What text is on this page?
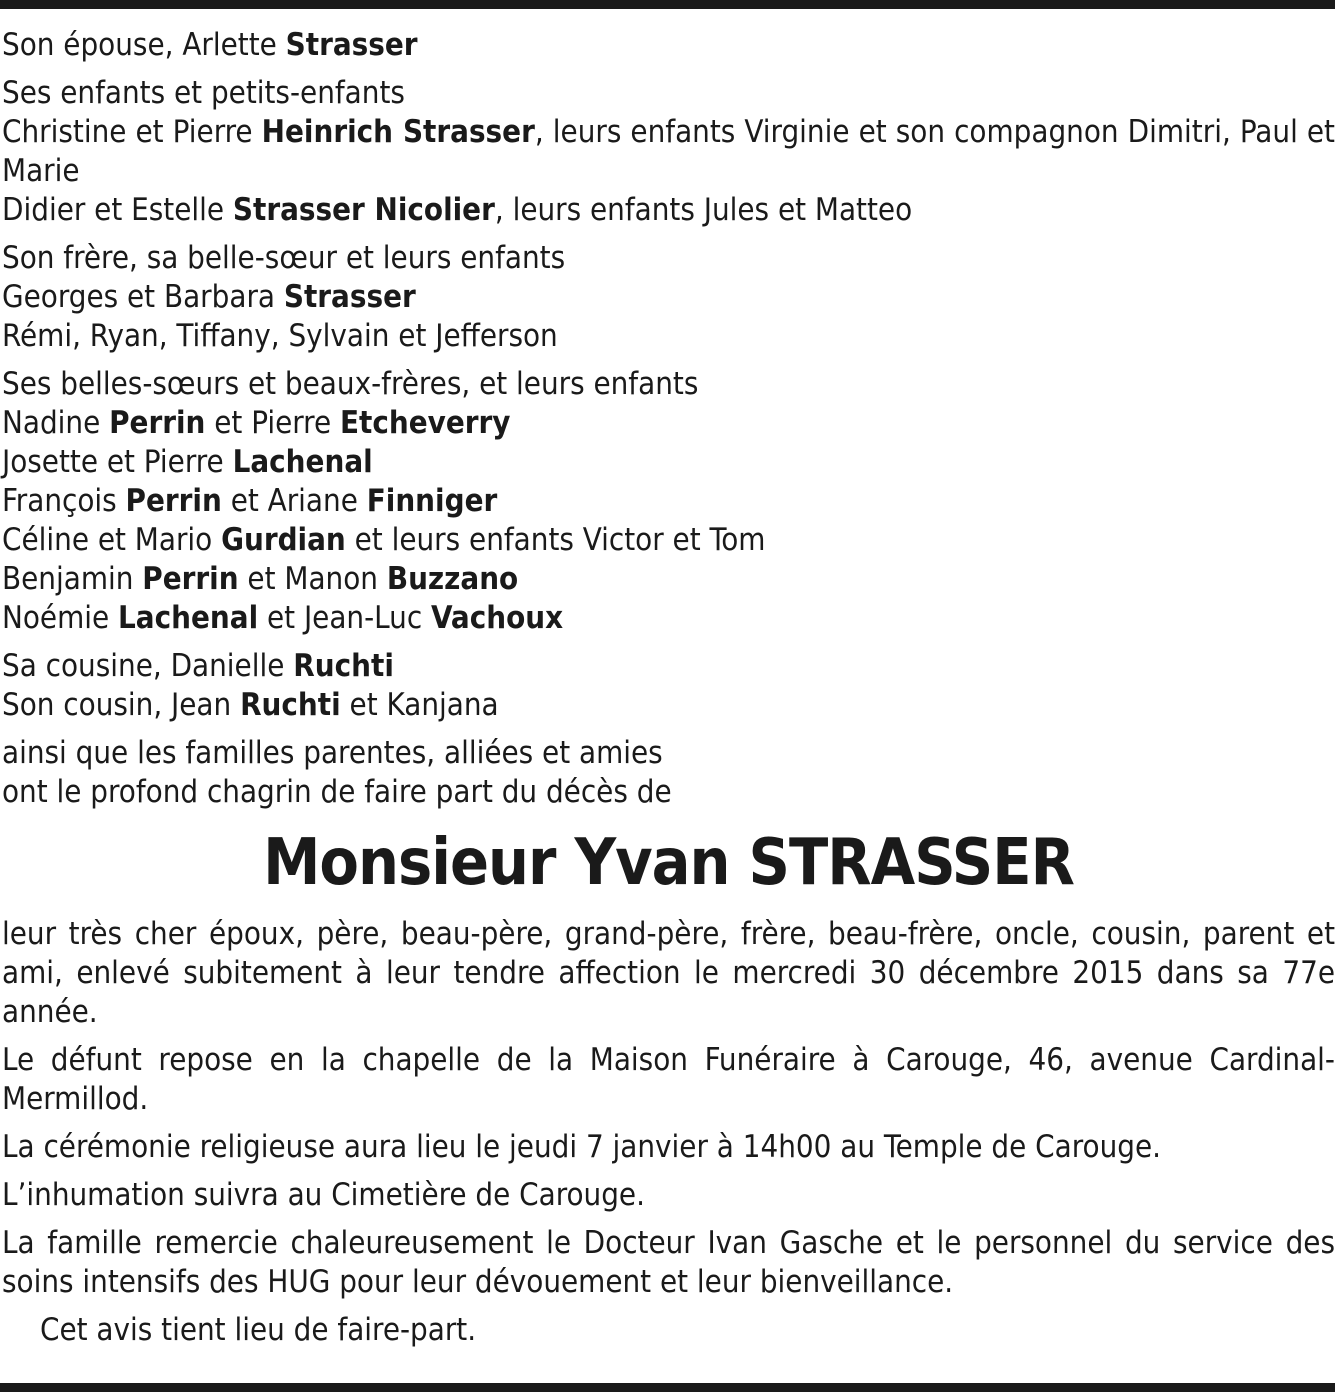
Son épouse, Arlette Strasser
Ses enfants et petits-enfants
Christine et Pierre Heinrich Strasser, leurs enfants Virginie et son compagnon Dimitri, Paul et Marie
Didier et Estelle Strasser Nicolier, leurs enfants Jules et Matteo
Son frère, sa belle-sœur et leurs enfants
Georges et Barbara Strasser
Rémi, Ryan, Tiffany, Sylvain et Jefferson
Ses belles-sœurs et beaux-frères, et leurs enfants
Nadine Perrin et Pierre Etcheverry
Josette et Pierre Lachenal
François Perrin et Ariane Finniger
Céline et Mario Gurdian et leurs enfants Victor et Tom
Benjamin Perrin et Manon Buzzano
Noémie Lachenal et Jean-Luc Vachoux
Sa cousine, Danielle Ruchti
Son cousin, Jean Ruchti et Kanjana
ainsi que les familles parentes, alliées et amies
ont le profond chagrin de faire part du décès de
Monsieur Yvan STRASSER
leur très cher époux, père, beau-père, grand-père, frère, beau-frère, oncle, cousin, parent et ami, enlevé subitement à leur tendre affection le mercredi 30 décembre 2015 dans sa 77e année.
Le défunt repose en la chapelle de la Maison Funéraire à Carouge, 46, avenue Cardinal-Mermillod.
La cérémonie religieuse aura lieu le jeudi 7 janvier à 14h00 au Temple de Carouge.
L’inhumation suivra au Cimetière de Carouge.
La famille remercie chaleureusement le Docteur Ivan Gasche et le personnel du service des soins intensifs des HUG pour leur dévouement et leur bienveillance.
Cet avis tient lieu de faire-part.
